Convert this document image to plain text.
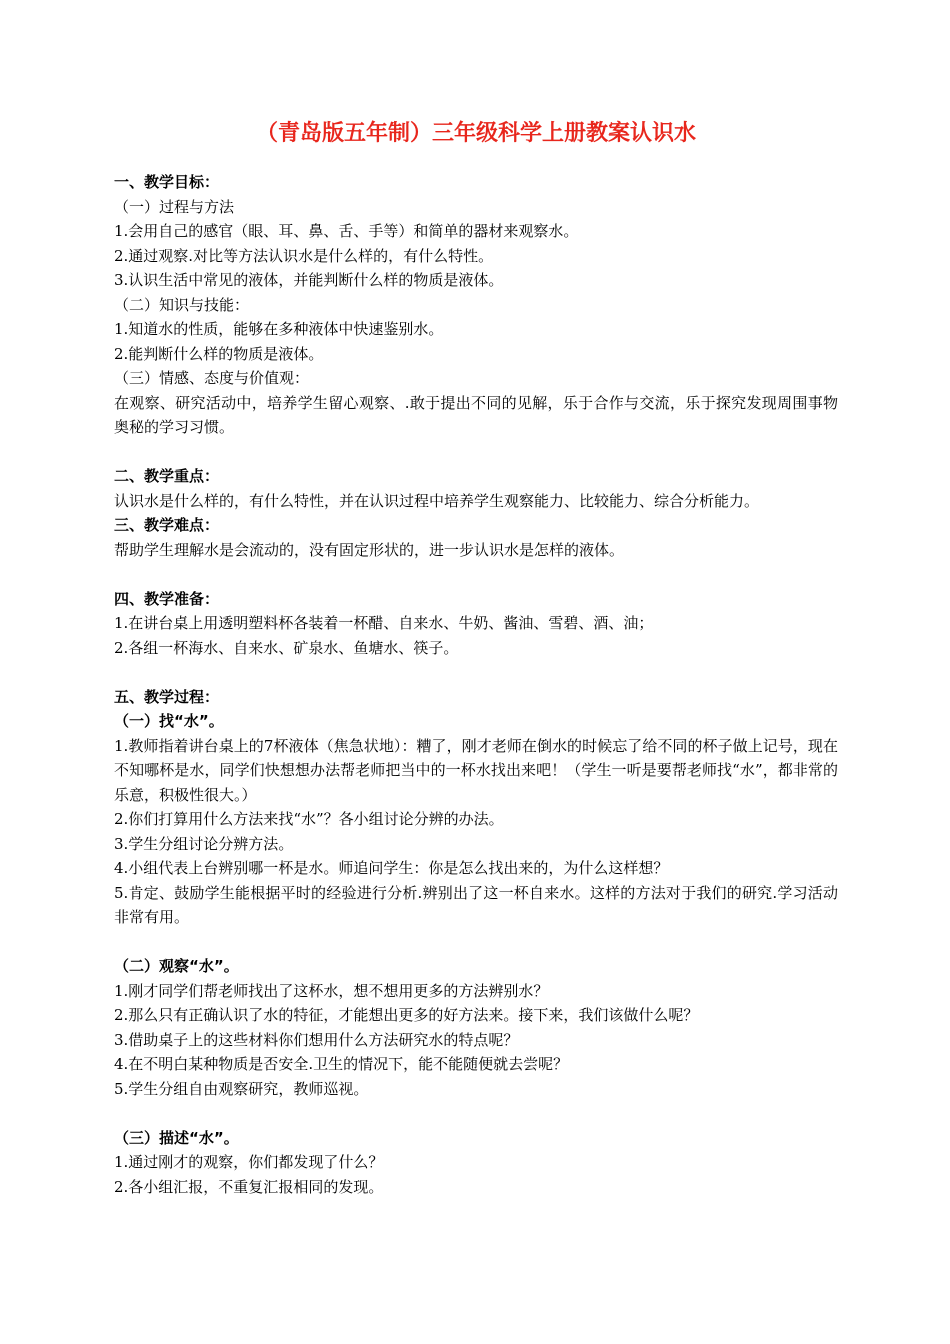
（青岛版五年制）三年级科学上册教案认识水

一、教学目标：

（一）过程与方法

1.会用自己的感官（眼、耳、鼻、舌、手等）和简单的器材来观察水。

2.通过观察.对比等方法认识水是什么样的，有什么特性。

3.认识生活中常见的液体，并能判断什么样的物质是液体。

（二）知识与技能：

1.知道水的性质，能够在多种液体中快速鉴别水。

2.能判断什么样的物质是液体。

（三）情感、态度与价值观：

在观察、研究活动中，培养学生留心观察、.敢于提出不同的见解，乐于合作与交流，乐于探究发现周围事物奥秘的学习习惯。

二、教学重点：

认识水是什么样的，有什么特性，并在认识过程中培养学生观察能力、比较能力、综合分析能力。

三、教学难点：

帮助学生理解水是会流动的，没有固定形状的，进一步认识水是怎样的液体。

四、教学准备：

1.在讲台桌上用透明塑料杯各装着一杯醋、自来水、牛奶、酱油、雪碧、酒、油；

2.各组一杯海水、自来水、矿泉水、鱼塘水、筷子。

五、教学过程：

（一）找“水”。

1.教师指着讲台桌上的7杯液体（焦急状地）：糟了，刚才老师在倒水的时候忘了给不同的杯子做上记号，现在不知哪杯是水，同学们快想想办法帮老师把当中的一杯水找出来吧！（学生一听是要帮老师找“水”，都非常的乐意，积极性很大。）

2.你们打算用什么方法来找“水”？各小组讨论分辨的办法。

3.学生分组讨论分辨方法。

4.小组代表上台辨别哪一杯是水。师追问学生：你是怎么找出来的，为什么这样想？

5.肯定、鼓励学生能根据平时的经验进行分析.辨别出了这一杯自来水。这样的方法对于我们的研究.学习活动非常有用。

（二）观察“水”。

1.刚才同学们帮老师找出了这杯水，想不想用更多的方法辨别水？

2.那么只有正确认识了水的特征，才能想出更多的好方法来。接下来，我们该做什么呢？

3.借助桌子上的这些材料你们想用什么方法研究水的特点呢？

4.在不明白某种物质是否安全.卫生的情况下，能不能随便就去尝呢？

5.学生分组自由观察研究，教师巡视。

（三）描述“水”。

1.通过刚才的观察，你们都发现了什么？

2.各小组汇报，不重复汇报相同的发现。
